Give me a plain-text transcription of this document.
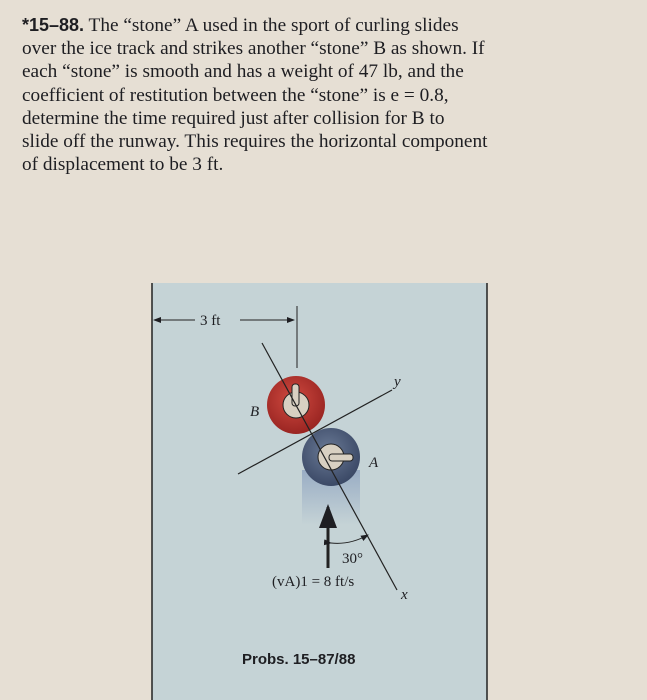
*15–88. The “stone” A used in the sport of curling slides
over the ice track and strikes another “stone” B as shown. If
each “stone” is smooth and has a weight of 47 lb, and the
coefficient of restitution between the “stone” is e = 0.8,
determine the time required just after collision for B to
slide off the runway. This requires the horizontal component
of displacement to be 3 ft.
3 ft
B
A
y
x
30°
(vA)1 = 8 ft/s
Probs. 15–87/88
